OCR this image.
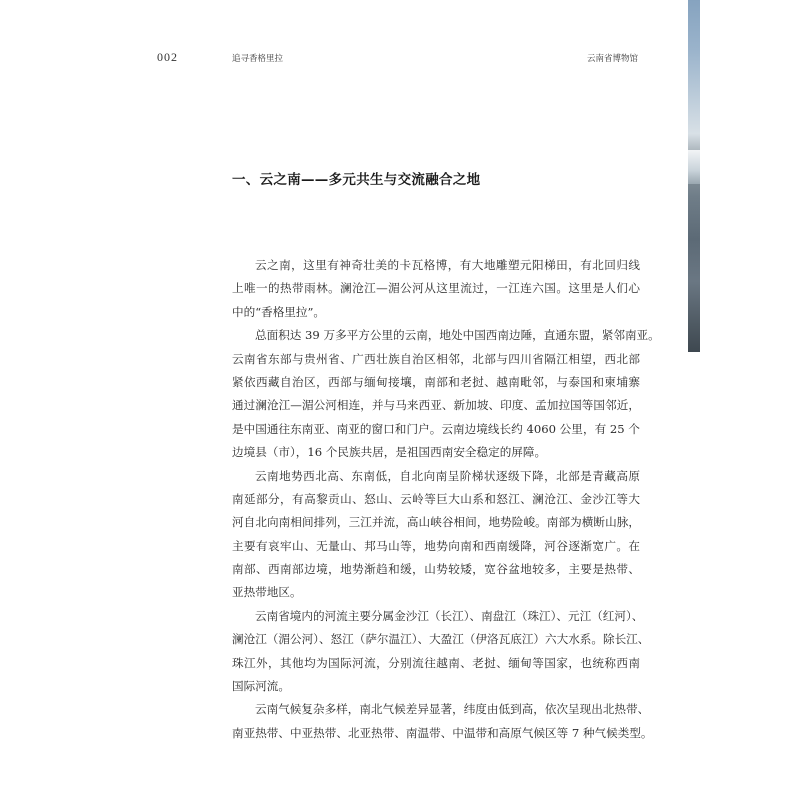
002	追寻香格里拉	云南省博物馆
一、云之南——多元共生与交流融合之地
云之南，这里有神奇壮美的卡瓦格博，有大地雕塑元阳梯田，有北回归线
上唯一的热带雨林。澜沧江—湄公河从这里流过，一江连六国。这里是人们心
中的“香格里拉”。
总面积达 39 万多平方公里的云南，地处中国西南边陲，直通东盟，紧邻南亚。
云南省东部与贵州省、广西壮族自治区相邻，北部与四川省隔江相望，西北部
紧依西藏自治区，西部与缅甸接壤，南部和老挝、越南毗邻，与泰国和柬埔寨
通过澜沧江—湄公河相连，并与马来西亚、新加坡、印度、孟加拉国等国邻近，
是中国通往东南亚、南亚的窗口和门户。云南边境线长约 4060 公里，有 25 个
边境县（市），16 个民族共居，是祖国西南安全稳定的屏障。
云南地势西北高、东南低，自北向南呈阶梯状逐级下降，北部是青藏高原
南延部分，有高黎贡山、怒山、云岭等巨大山系和怒江、澜沧江、金沙江等大
河自北向南相间排列，三江并流，高山峡谷相间，地势险峻。南部为横断山脉，
主要有哀牢山、无量山、邦马山等，地势向南和西南缓降，河谷逐渐宽广。在
南部、西南部边境，地势渐趋和缓，山势较矮，宽谷盆地较多，主要是热带、
亚热带地区。
云南省境内的河流主要分属金沙江（长江）、南盘江（珠江）、元江（红河）、
澜沧江（湄公河）、怒江（萨尔温江）、大盈江（伊洛瓦底江）六大水系。除长江、
珠江外，其他均为国际河流，分别流往越南、老挝、缅甸等国家，也统称西南
国际河流。
云南气候复杂多样，南北气候差异显著，纬度由低到高，依次呈现出北热带、
南亚热带、中亚热带、北亚热带、南温带、中温带和高原气候区等 7 种气候类型。
